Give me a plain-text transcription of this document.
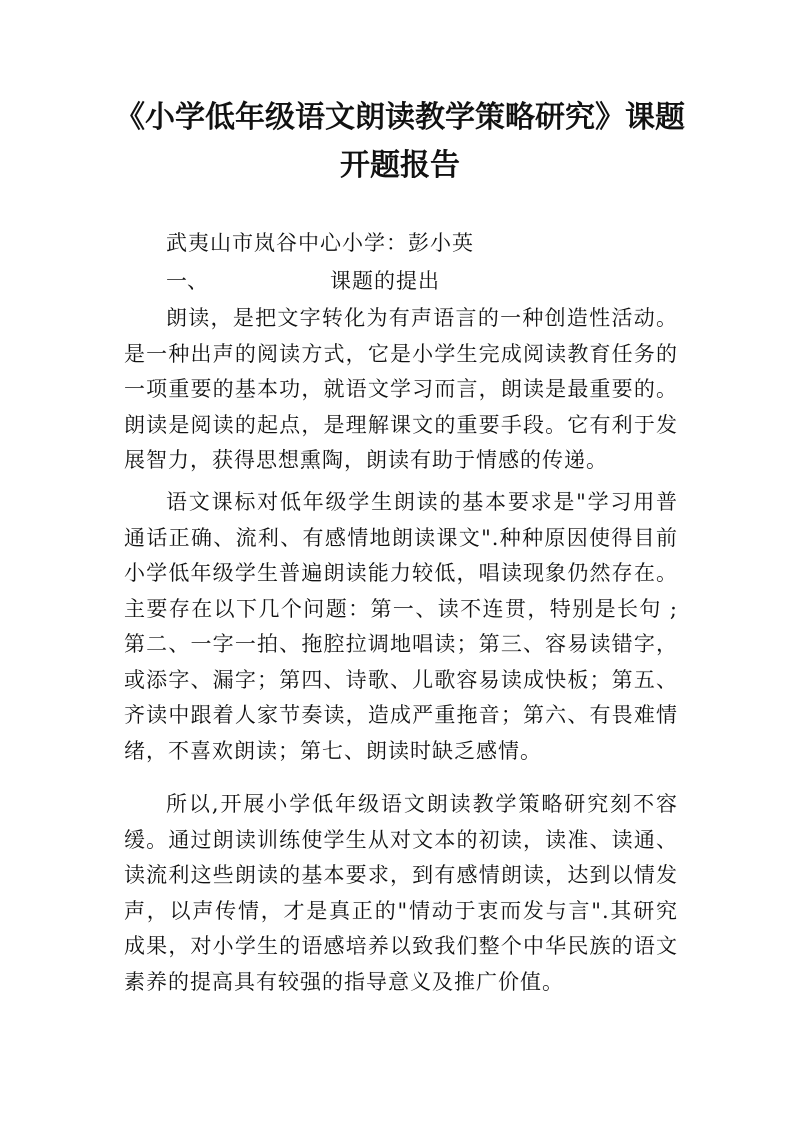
《小学低年级语文朗读教学策略研究》课题
开题报告
武夷山市岚谷中心小学：彭小英
一、	课题的提出

朗读，是把文字转化为有声语言的一种创造性活动。是一种出声的阅读方式，它是小学生完成阅读教育任务的一项重要的基本功，就语文学习而言，朗读是最重要的。朗读是阅读的起点，是理解课文的重要手段。它有利于发展智力，获得思想熏陶，朗读有助于情感的传递。

语文课标对低年级学生朗读的基本要求是"学习用普通话正确、流利、有感情地朗读课文".种种原因使得目前小学低年级学生普遍朗读能力较低，唱读现象仍然存在。主要存在以下几个问题：第一、读不连贯，特别是长句 ;第二、一字一拍、拖腔拉调地唱读；第三、容易读错字，或添字、漏字；第四、诗歌、儿歌容易读成快板；第五、齐读中跟着人家节奏读，造成严重拖音；第六、有畏难情绪，不喜欢朗读；第七、朗读时缺乏感情。

所以,开展小学低年级语文朗读教学策略研究刻不容缓。通过朗读训练使学生从对文本的初读，读准、读通、读流利这些朗读的基本要求，到有感情朗读，达到以情发声，以声传情，才是真正的"情动于衷而发与言".其研究成果，对小学生的语感培养以致我们整个中华民族的语文素养的提高具有较强的指导意义及推广价值。
